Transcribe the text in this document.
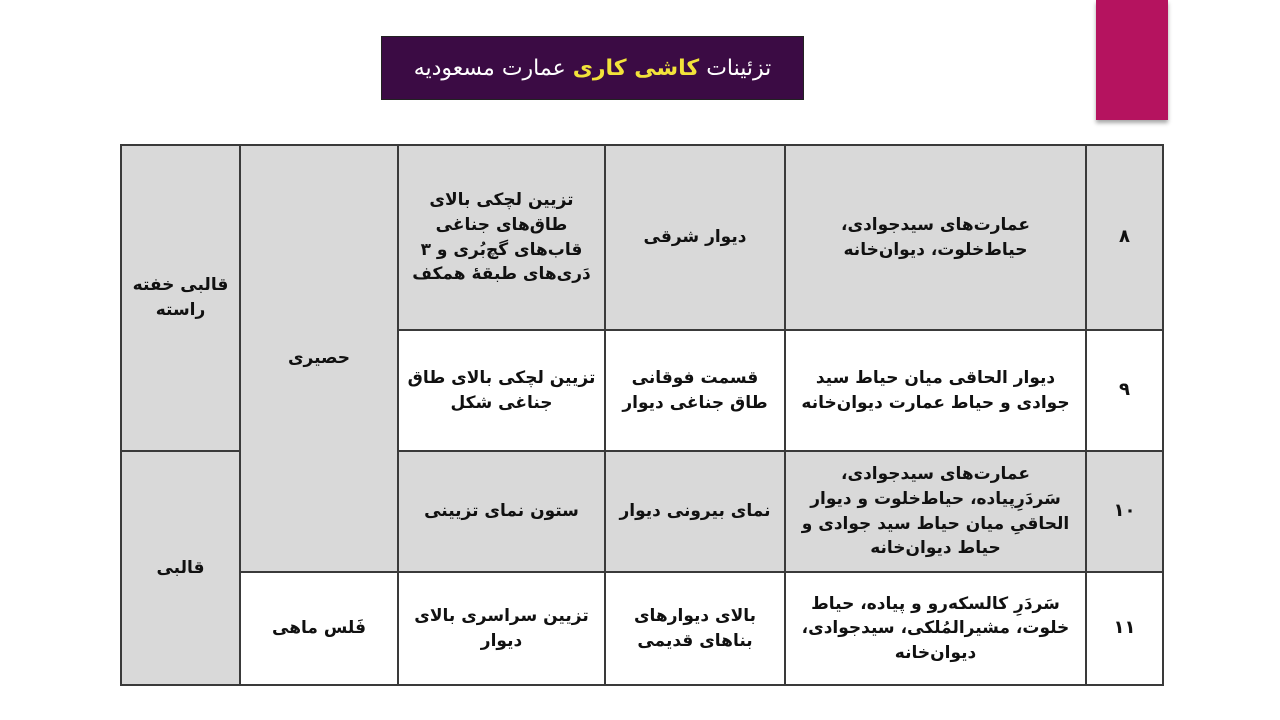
تزئینات

کاشی کاری

عمارت مسعودیه
قالبی خفته راسته	حصیری	تزیین لچکی بالای طاق‌های جناغی قاب‌های گچ‌بُری و ۳ دَری‌های طبقهٔ همکف	دیوار شرقی	عمارت‌های سیدجوادی، حیاط‌خلوت، دیوان‌خانه	۸
		تزیین لچکی بالای طاق جناغی شکل	قسمت فوقانی طاق جناغی دیوار	دیوار الحاقی میان حیاط سید جوادی و حیاط عمارت دیوان‌خانه	۹
قالبی		ستون نمای تزیینی	نمای بیرونی دیوار	عمارت‌های سیدجوادی، سَردَرِ‌پیاده، حیاط‌خلوت و دیوار الحاقیِ میان حیاط سید جوادی و حیاط دیوان‌خانه	۱۰
	فَلس ماهی	تزیین سراسری بالای دیوار	بالای دیوارهای بناهای قدیمی	سَردَرِ کالسکه‌رو و پیاده، حیاط خلوت، مشیرالمُلکی، سیدجوادی، دیوان‌خانه	۱۱
